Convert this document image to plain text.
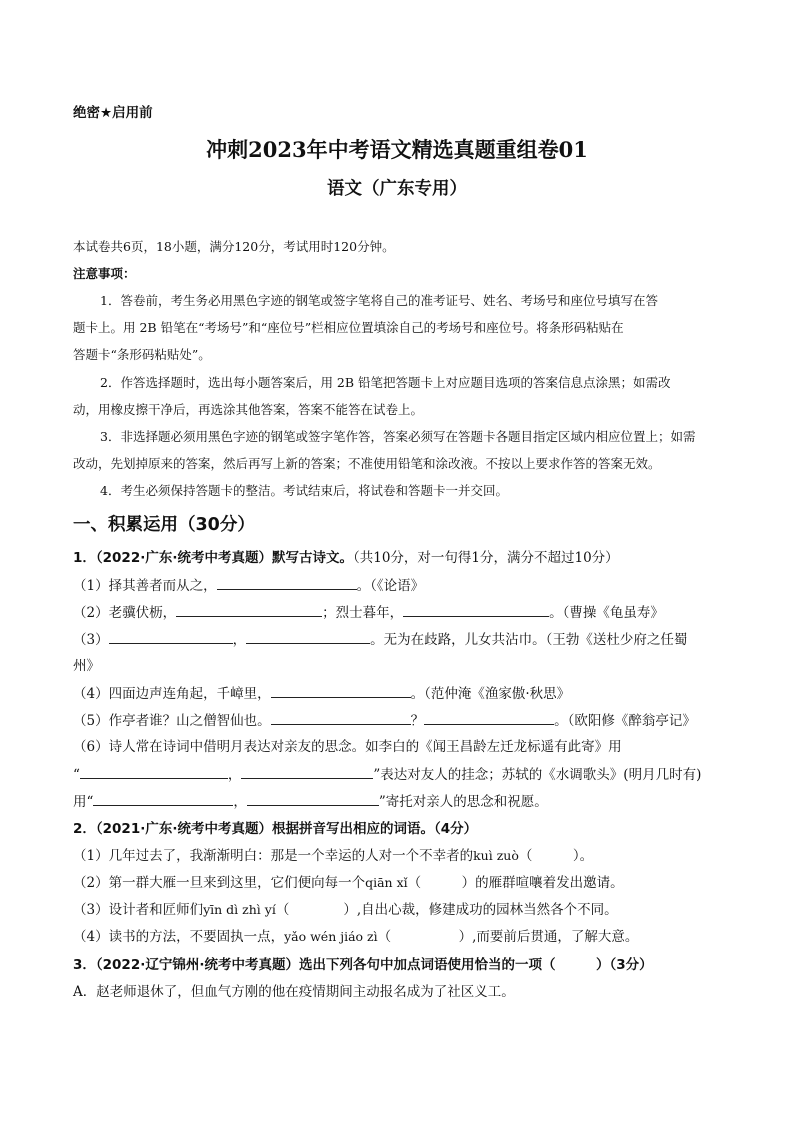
绝密★启用前
冲刺2023年中考语文精选真题重组卷01
语文（广东专用）
本试卷共6页，18小题，满分120分，考试用时120分钟。
注意事项：
1．答卷前，考生务必用黑色字迹的钢笔或签字笔将自己的准考证号、姓名、考场号和座位号填写在答
题卡上。用 2B 铅笔在“考场号”和“座位号”栏相应位置填涂自己的考场号和座位号。将条形码粘贴在
答题卡“条形码粘贴处”。
2．作答选择题时，选出每小题答案后，用 2B 铅笔把答题卡上对应题目选项的答案信息点涂黑；如需改
动，用橡皮擦干净后，再选涂其他答案，答案不能答在试卷上。
3．非选择题必须用黑色字迹的钢笔或签字笔作答，答案必须写在答题卡各题目指定区域内相应位置上；如需
改动，先划掉原来的答案，然后再写上新的答案；不准使用铅笔和涂改液。不按以上要求作答的答案无效。
4．考生必须保持答题卡的整洁。考试结束后，将试卷和答题卡一并交回。
一、积累运用（30分）
1．（2022·广东·统考中考真题）默写古诗文。（共10分，对一句得1分，满分不超过10分）
（1）择其善者而从之，	。（《论语》
（2）老骥伏枥，	；烈士暮年，	。（曹操《龟虽寿》
（3）	，	。无为在歧路，儿女共沾巾。（王勃《送杜少府之任蜀
州》
（4）四面边声连角起，千嶂里，	。（范仲淹《渔家傲·秋思》
（5）作亭者谁？山之僧智仙也。	？	。（欧阳修《醉翁亭记》
（6）诗人常在诗词中借明月表达对亲友的思念。如李白的《闻王昌龄左迁龙标遥有此寄》用
“	，	”表达对友人的挂念；苏轼的《水调歌头》(明月几时有)
用“	，	”寄托对亲人的思念和祝愿。
2．（2021·广东·统考中考真题）根据拼音写出相应的词语。（4分）
（1）几年过去了，我渐渐明白：那是一个幸运的人对一个不幸者的kuì zuò（　　　）。
（2）第一群大雁一旦来到这里，它们便向每一个qiān xǐ（　　　）的雁群喧嚷着发出邀请。
（3）设计者和匠师们yīn dì zhì yí（　　　　）,自出心裁，修建成功的园林当然各个不同。
（4）读书的方法，不要固执一点，yǎo wén jiáo zì（　　　　　）,而要前后贯通，了解大意。
3．（2022·辽宁锦州·统考中考真题）选出下列各句中加点词语使用恰当的一项（　　　）（3分）
A．赵老师退休了，但血气方刚的他在疫情期间主动报名成为了社区义工。
